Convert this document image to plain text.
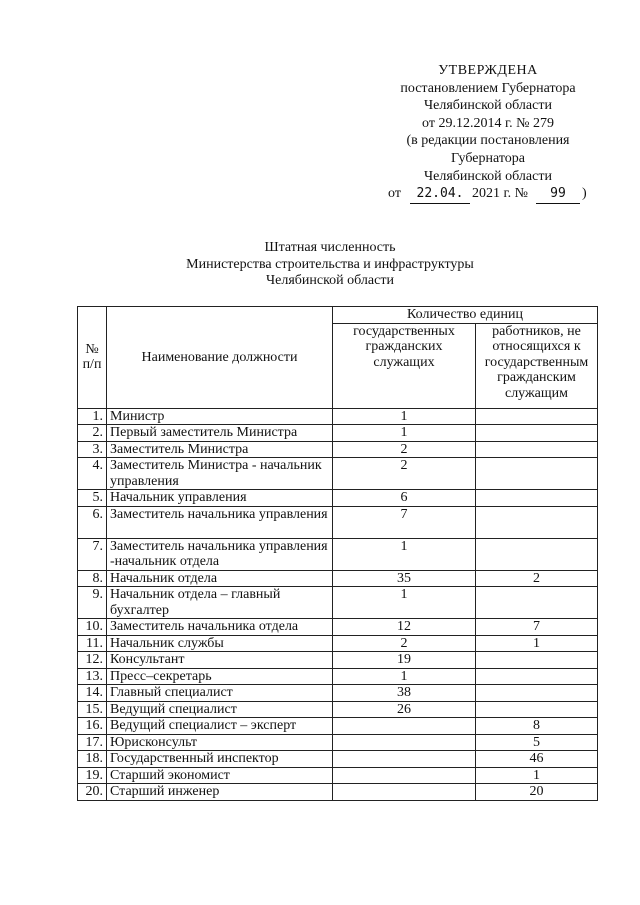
УТВЕРЖДЕНА
постановлением Губернатора
Челябинской области
от 29.12.2014 г. № 279
(в редакции постановления
Губернатора
Челябинской области
от	22.04. 2021 г. №	99	)
Штатная численность
Министерства строительства и инфраструктуры
Челябинской области
№ п/п	Наименование должности	Количество единиц	
		государственных гражданских служащих	работников, не относящихся к государственным гражданским служащим
1.	Министр	1	
2.	Первый заместитель Министра	1	
3.	Заместитель Министра	2	
4.	Заместитель Министра - начальник управления	2	
5.	Начальник управления	6	
6.	Заместитель начальника управления	7	
7.	Заместитель начальника управления -начальник отдела	1	
8.	Начальник отдела	35	2
9.	Начальник отдела – главный бухгалтер	1	
10.	Заместитель начальника отдела	12	7
11.	Начальник службы	2	1
12.	Консультант	19	
13.	Пресс–секретарь	1	
14.	Главный специалист	38	
15.	Ведущий специалист	26	
16.	Ведущий специалист – эксперт		8
17.	Юрисконсульт		5
18.	Государственный инспектор		46
19.	Старший экономист		1
20.	Старший инженер		20
